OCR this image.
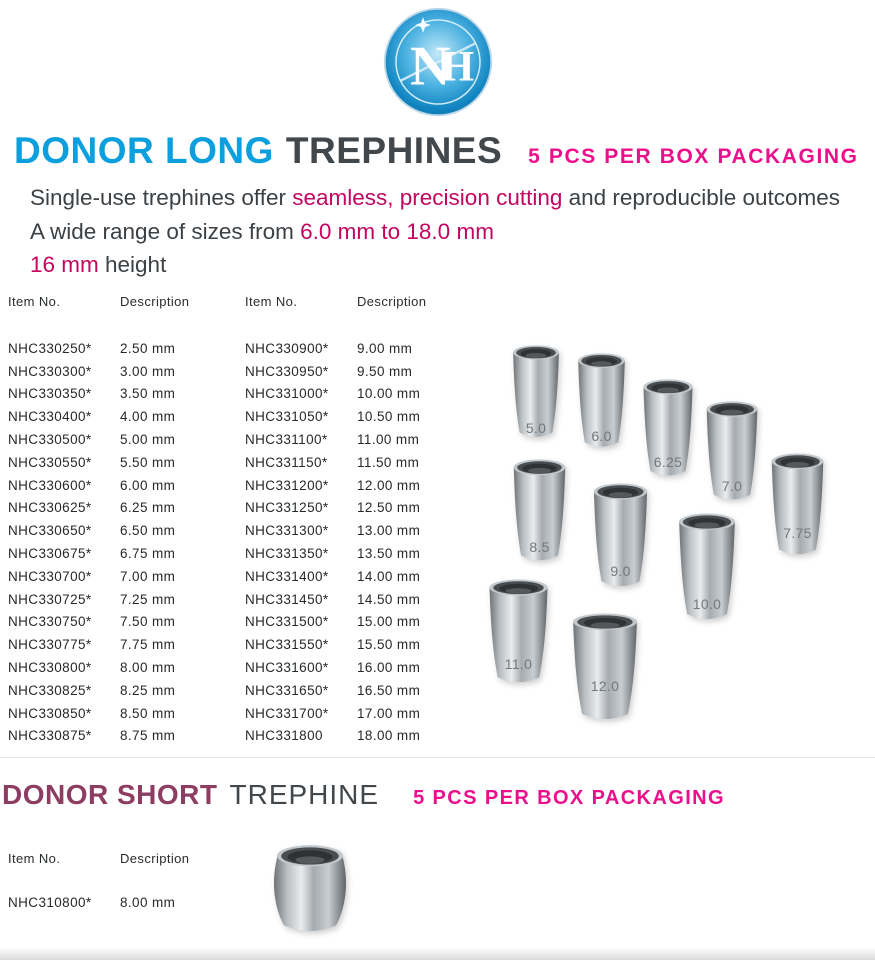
N
H
DONOR LONG TREPHINES 5 PCS PER BOX PACKAGING
Single-use trephines offer seamless, precision cutting and reproducible outcomes
A wide range of sizes from 6.0 mm to 18.0 mm
16 mm height
Item No.	Description
NHC330250*	2.50 mm
NHC330300*	3.00 mm
NHC330350*	3.50 mm
NHC330400*	4.00 mm
NHC330500*	5.00 mm
NHC330550*	5.50 mm
NHC330600*	6.00 mm
NHC330625*	6.25 mm
NHC330650*	6.50 mm
NHC330675*	6.75 mm
NHC330700*	7.00 mm
NHC330725*	7.25 mm
NHC330750*	7.50 mm
NHC330775*	7.75 mm
NHC330800*	8.00 mm
NHC330825*	8.25 mm
NHC330850*	8.50 mm
NHC330875*	8.75 mm
Item No.	Description
NHC330900*	9.00 mm
NHC330950*	9.50 mm
NHC331000*	10.00 mm
NHC331050*	10.50 mm
NHC331100*	11.00 mm
NHC331150*	11.50 mm
NHC331200*	12.00 mm
NHC331250*	12.50 mm
NHC331300*	13.00 mm
NHC331350*	13.50 mm
NHC331400*	14.00 mm
NHC331450*	14.50 mm
NHC331500*	15.00 mm
NHC331550*	15.50 mm
NHC331600*	16.00 mm
NHC331650*	16.50 mm
NHC331700*	17.00 mm
NHC331800	18.00 mm
5.0	6.0
6.25
7.0
7.75
8.5
9.0
10.0
11.0
12.0
DONOR SHORT TREPHINE 5 PCS PER BOX PACKAGING
Item No.	Description
NHC310800*	8.00 mm
